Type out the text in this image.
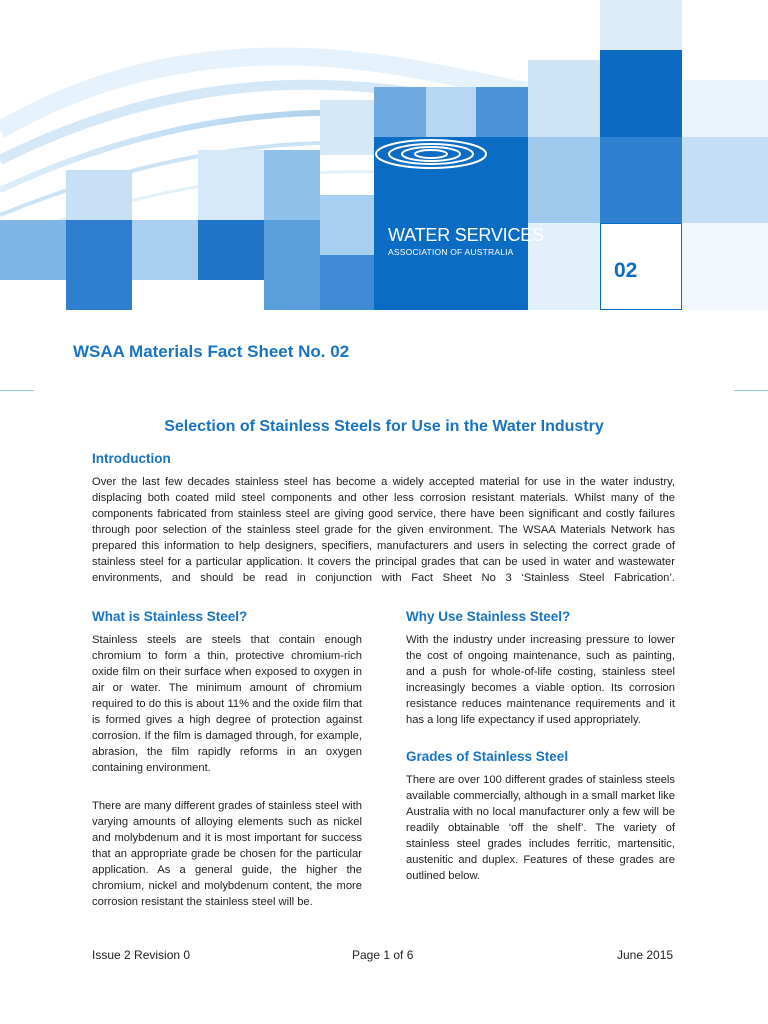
WATER SERVICES
ASSOCIATION OF AUSTRALIA
02
WSAA Materials Fact Sheet No. 02
Selection of Stainless Steels for Use in the Water Industry
Introduction

Over the last few decades stainless steel has become a widely accepted material for use in the water industry, displacing both coated mild steel components and other less corrosion resistant materials. Whilst many of the components fabricated from stainless steel are giving good service, there have been significant and costly failures through poor selection of the stainless steel grade for the given environment. The WSAA Materials Network has prepared this information to help designers, specifiers, manufacturers and users in selecting the correct grade of stainless steel for a particular application. It covers the principal grades that can be used in water and wastewater environments, and should be read in conjunction with Fact Sheet No 3 ‘Stainless Steel Fabrication’.

What is Stainless Steel?

Stainless steels are steels that contain enough chromium to form a thin, protective chromium-rich oxide film on their surface when exposed to oxygen in air or water. The minimum amount of chromium required to do this is about 11% and the oxide film that is formed gives a high degree of protection against corrosion. If the film is damaged through, for example, abrasion, the film rapidly reforms in an oxygen containing environment.

There are many different grades of stainless steel with varying amounts of alloying elements such as nickel and molybdenum and it is most important for success that an appropriate grade be chosen for the particular application. As a general guide, the higher the chromium, nickel and molybdenum content, the more corrosion resistant the stainless steel will be.

Why Use Stainless Steel?

With the industry under increasing pressure to lower the cost of ongoing maintenance, such as painting, and a push for whole-of-life costing, stainless steel increasingly becomes a viable option. Its corrosion resistance reduces maintenance requirements and it has a long life expectancy if used appropriately.

Grades of Stainless Steel

There are over 100 different grades of stainless steels available commercially, although in a small market like Australia with no local manufacturer only a few will be readily obtainable ‘off the shelf’. The variety of stainless steel grades includes ferritic, martensitic, austenitic and duplex. Features of these grades are outlined below.

Issue 2 Revision 0	Page 1 of 6	June 2015
